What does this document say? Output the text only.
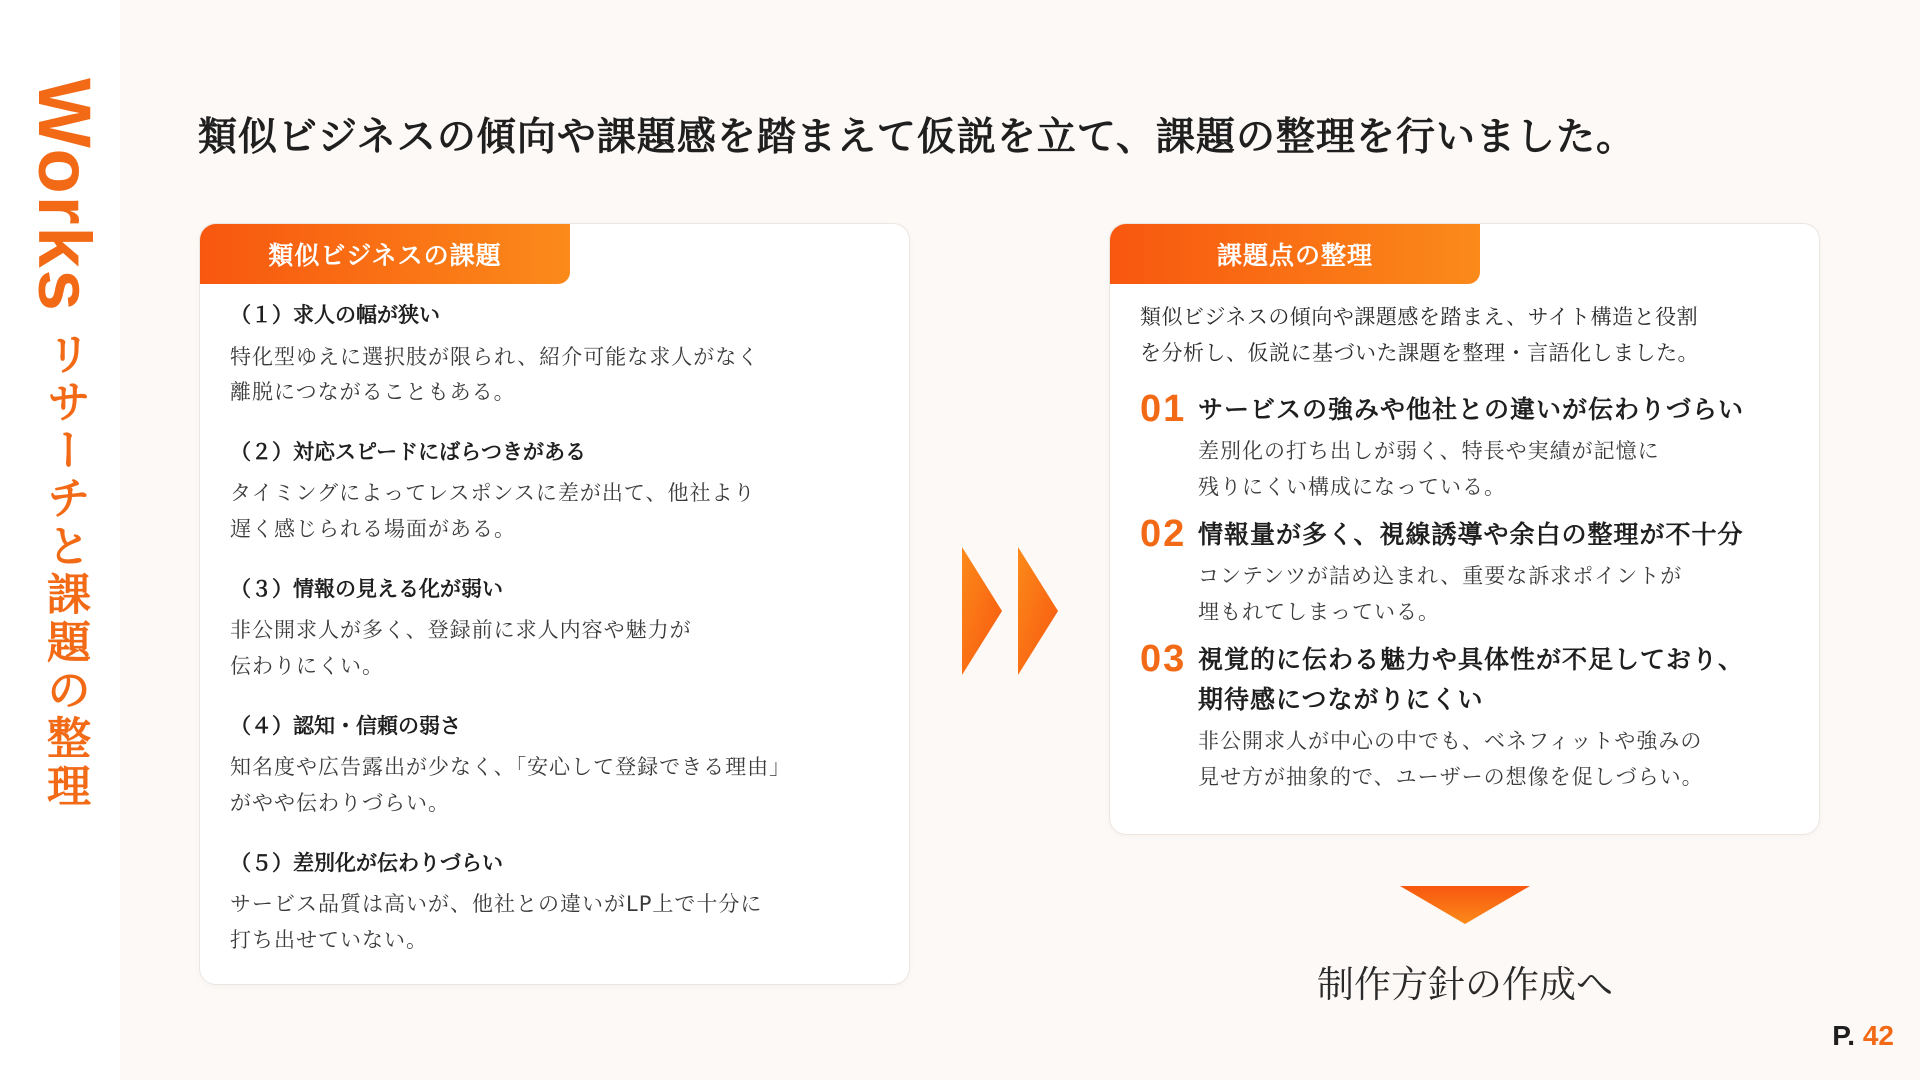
Worksリサーチと課題の整理
類似ビジネスの傾向や課題感を踏まえて仮説を立て、課題の整理を行いました。
類似ビジネスの課題
（１）求人の幅が狭い
特化型ゆえに選択肢が限られ、紹介可能な求人がなく
離脱につながることもある。
（２）対応スピードにばらつきがある
タイミングによってレスポンスに差が出て、他社より
遅く感じられる場面がある。
（３）情報の見える化が弱い
非公開求人が多く、登録前に求人内容や魅力が
伝わりにくい。
（４）認知・信頼の弱さ
知名度や広告露出が少なく、「安心して登録できる理由」
がやや伝わりづらい。
（５）差別化が伝わりづらい
サービス品質は高いが、他社との違いがLP上で十分に
打ち出せていない。
課題点の整理
類似ビジネスの傾向や課題感を踏まえ、サイト構造と役割
を分析し、仮説に基づいた課題を整理・言語化しました。
01 サービスの強みや他社との違いが伝わりづらい
差別化の打ち出しが弱く、特長や実績が記憶に
残りにくい構成になっている。
02 情報量が多く、視線誘導や余白の整理が不十分
コンテンツが詰め込まれ、重要な訴求ポイントが
埋もれてしまっている。
03 視覚的に伝わる魅力や具体性が不足しており、
期待感につながりにくい
非公開求人が中心の中でも、ベネフィットや強みの
見せ方が抽象的で、ユーザーの想像を促しづらい。
制作方針の作成へ
P. 42
